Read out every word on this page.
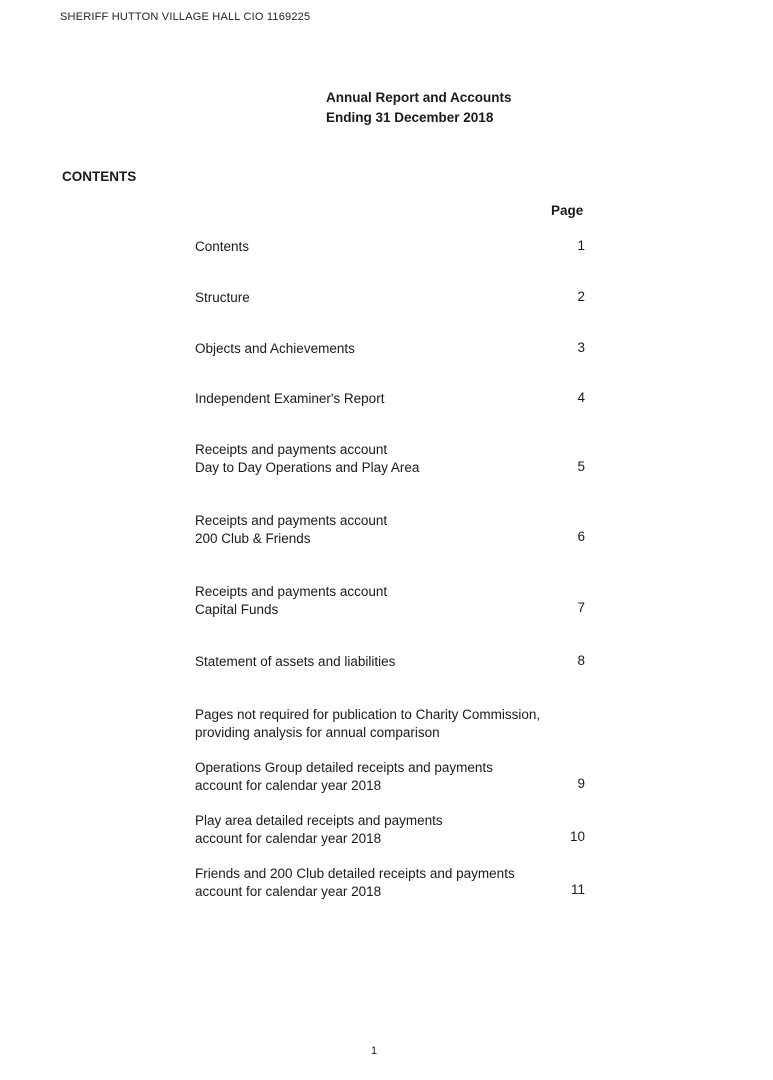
SHERIFF HUTTON VILLAGE HALL CIO 1169225
Annual Report and Accounts
Ending 31 December 2018
CONTENTS
Page
Contents	1
Structure	2
Objects and Achievements	3
Independent Examiner's Report	4
Receipts and payments account
Day to Day Operations and Play Area	5
Receipts and payments account
200 Club & Friends	6
Receipts and payments account
Capital Funds	7
Statement of assets and liabilities	8
Pages not required for publication to Charity Commission,
providing analysis for annual comparison
Operations Group detailed receipts and payments
account for calendar year 2018	9
Play area detailed receipts and payments
account for calendar year 2018	10
Friends and 200 Club detailed receipts and payments
account for calendar year 2018	11
1
